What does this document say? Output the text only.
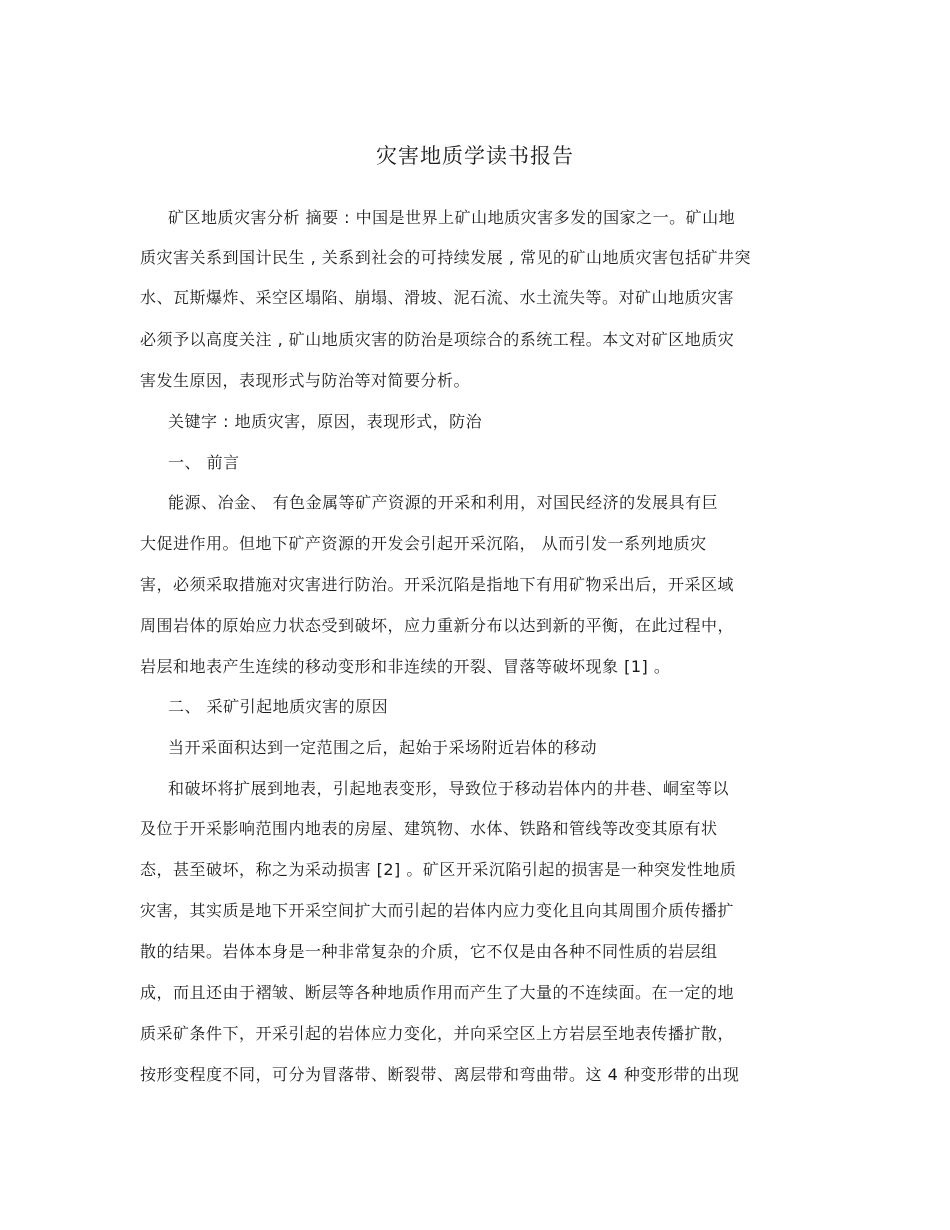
灾害地质学读书报告
矿区地质灾害分析 摘要 : 中国是世界上矿山地质灾害多发的国家之一。矿山地
质灾害关系到国计民生 , 关系到社会的可持续发展 , 常见的矿山地质灾害包括矿井突
水、瓦斯爆炸、采空区塌陷、崩塌、滑坡、泥石流、水土流失等。对矿山地质灾害
必须予以高度关注 , 矿山地质灾害的防治是项综合的系统工程。本文对矿区地质灾
害发生原因，表现形式与防治等对简要分析。
关键字 : 地质灾害，原因，表现形式，防治
一、 前言
能源、冶金、 有色金属等矿产资源的开采和利用，对国民经济的发展具有巨
大促进作用。但地下矿产资源的开发会引起开采沉陷， 从而引发一系列地质灾
害，必须采取措施对灾害进行防治。开采沉陷是指地下有用矿物采出后，开采区域
周围岩体的原始应力状态受到破坏，应力重新分布以达到新的平衡，在此过程中，
岩层和地表产生连续的移动变形和非连续的开裂、冒落等破坏现象 [1] 。
二、 采矿引起地质灾害的原因
当开采面积达到一定范围之后，起始于采场附近岩体的移动
和破坏将扩展到地表，引起地表变形，导致位于移动岩体内的井巷、峒室等以
及位于开采影响范围内地表的房屋、建筑物、水体、铁路和管线等改变其原有状
态，甚至破坏，称之为采动损害 [2] 。矿区开采沉陷引起的损害是一种突发性地质
灾害，其实质是地下开采空间扩大而引起的岩体内应力变化且向其周围介质传播扩
散的结果。岩体本身是一种非常复杂的介质，它不仅是由各种不同性质的岩层组
成，而且还由于褶皱、断层等各种地质作用而产生了大量的不连续面。在一定的地
质采矿条件下，开采引起的岩体应力变化，并向采空区上方岩层至地表传播扩散，
按形变程度不同，可分为冒落带、断裂带、离层带和弯曲带。这 4 种变形带的出现
